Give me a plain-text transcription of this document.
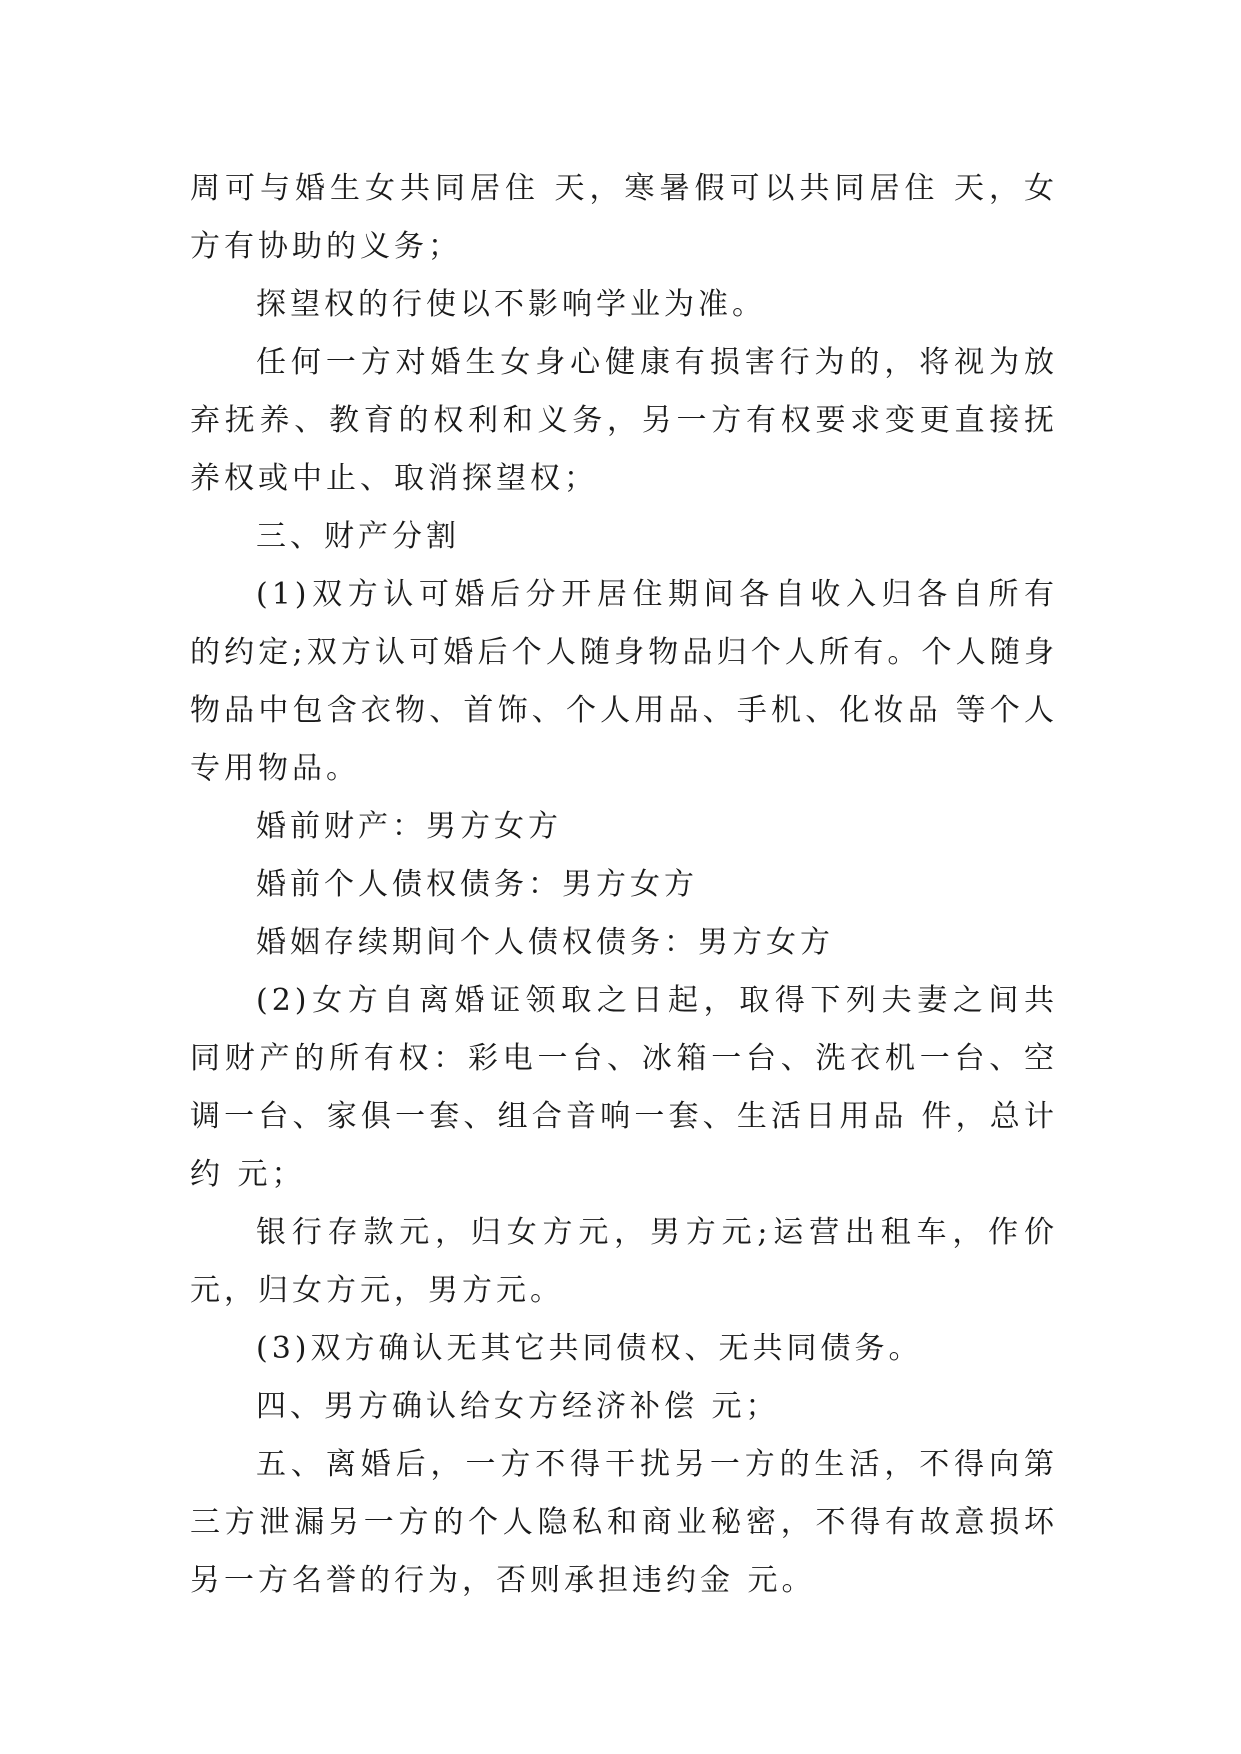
周可与婚生女共同居住 天，寒暑假可以共同居住 天，女方有协助的义务；

探望权的行使以不影响学业为准。

任何一方对婚生女身心健康有损害行为的，将视为放弃抚养、教育的权利和义务，另一方有权要求变更直接抚养权或中止、取消探望权；

三、财产分割

(1)双方认可婚后分开居住期间各自收入归各自所有的约定;双方认可婚后个人随身物品归个人所有。个人随身物品中包含衣物、首饰、个人用品、手机、化妆品 等个人专用物品。

婚前财产：男方女方

婚前个人债权债务：男方女方

婚姻存续期间个人债权债务：男方女方

(2)女方自离婚证领取之日起，取得下列夫妻之间共同财产的所有权：彩电一台、冰箱一台、洗衣机一台、空调一台、家俱一套、组合音响一套、生活日用品 件，总计约 元；

银行存款元，归女方元，男方元;运营出租车，作价元，归女方元，男方元。

(3)双方确认无其它共同债权、无共同债务。

四、男方确认给女方经济补偿 元；

五、离婚后，一方不得干扰另一方的生活，不得向第三方泄漏另一方的个人隐私和商业秘密，不得有故意损坏另一方名誉的行为，否则承担违约金 元。
